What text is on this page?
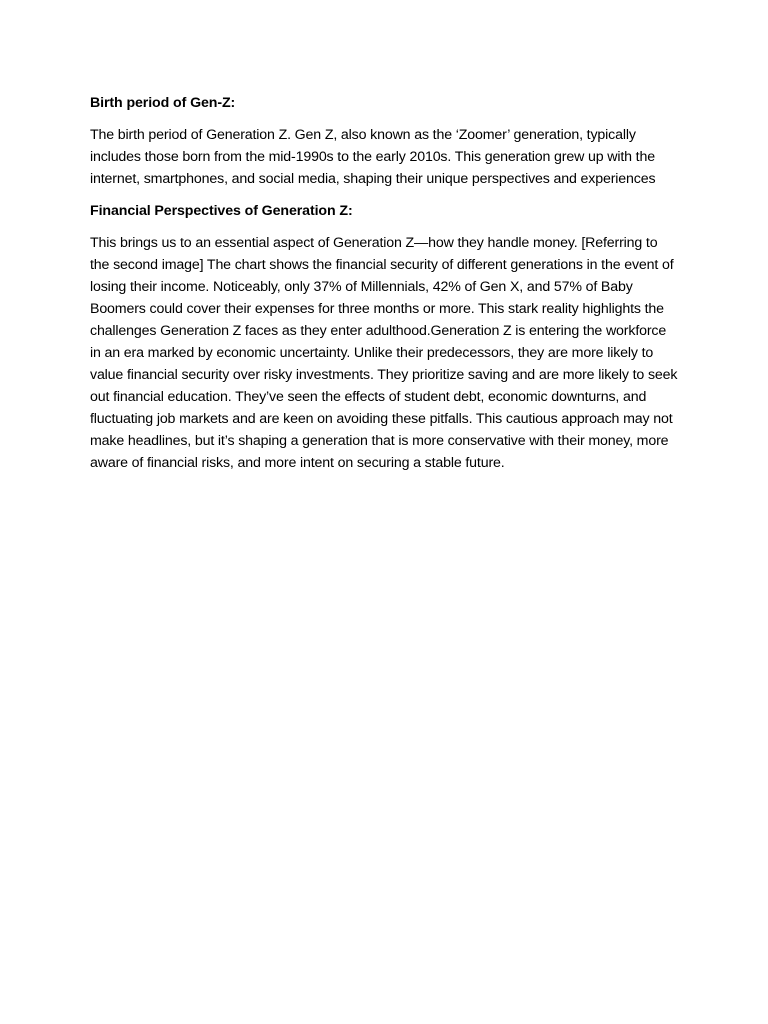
Birth period of Gen-Z:
The birth period of Generation Z. Gen Z, also known as the ‘Zoomer’ generation, typically includes those born from the mid-1990s to the early 2010s. This generation grew up with the internet, smartphones, and social media, shaping their unique perspectives and experiences
Financial Perspectives of Generation Z:
This brings us to an essential aspect of Generation Z—how they handle money. [Referring to the second image] The chart shows the financial security of different generations in the event of losing their income. Noticeably, only 37% of Millennials, 42% of Gen X, and 57% of Baby Boomers could cover their expenses for three months or more. This stark reality highlights the challenges Generation Z faces as they enter adulthood.Generation Z is entering the workforce in an era marked by economic uncertainty. Unlike their predecessors, they are more likely to value financial security over risky investments. They prioritize saving and are more likely to seek out financial education. They’ve seen the effects of student debt, economic downturns, and fluctuating job markets and are keen on avoiding these pitfalls. This cautious approach may not make headlines, but it’s shaping a generation that is more conservative with their money, more aware of financial risks, and more intent on securing a stable future.
